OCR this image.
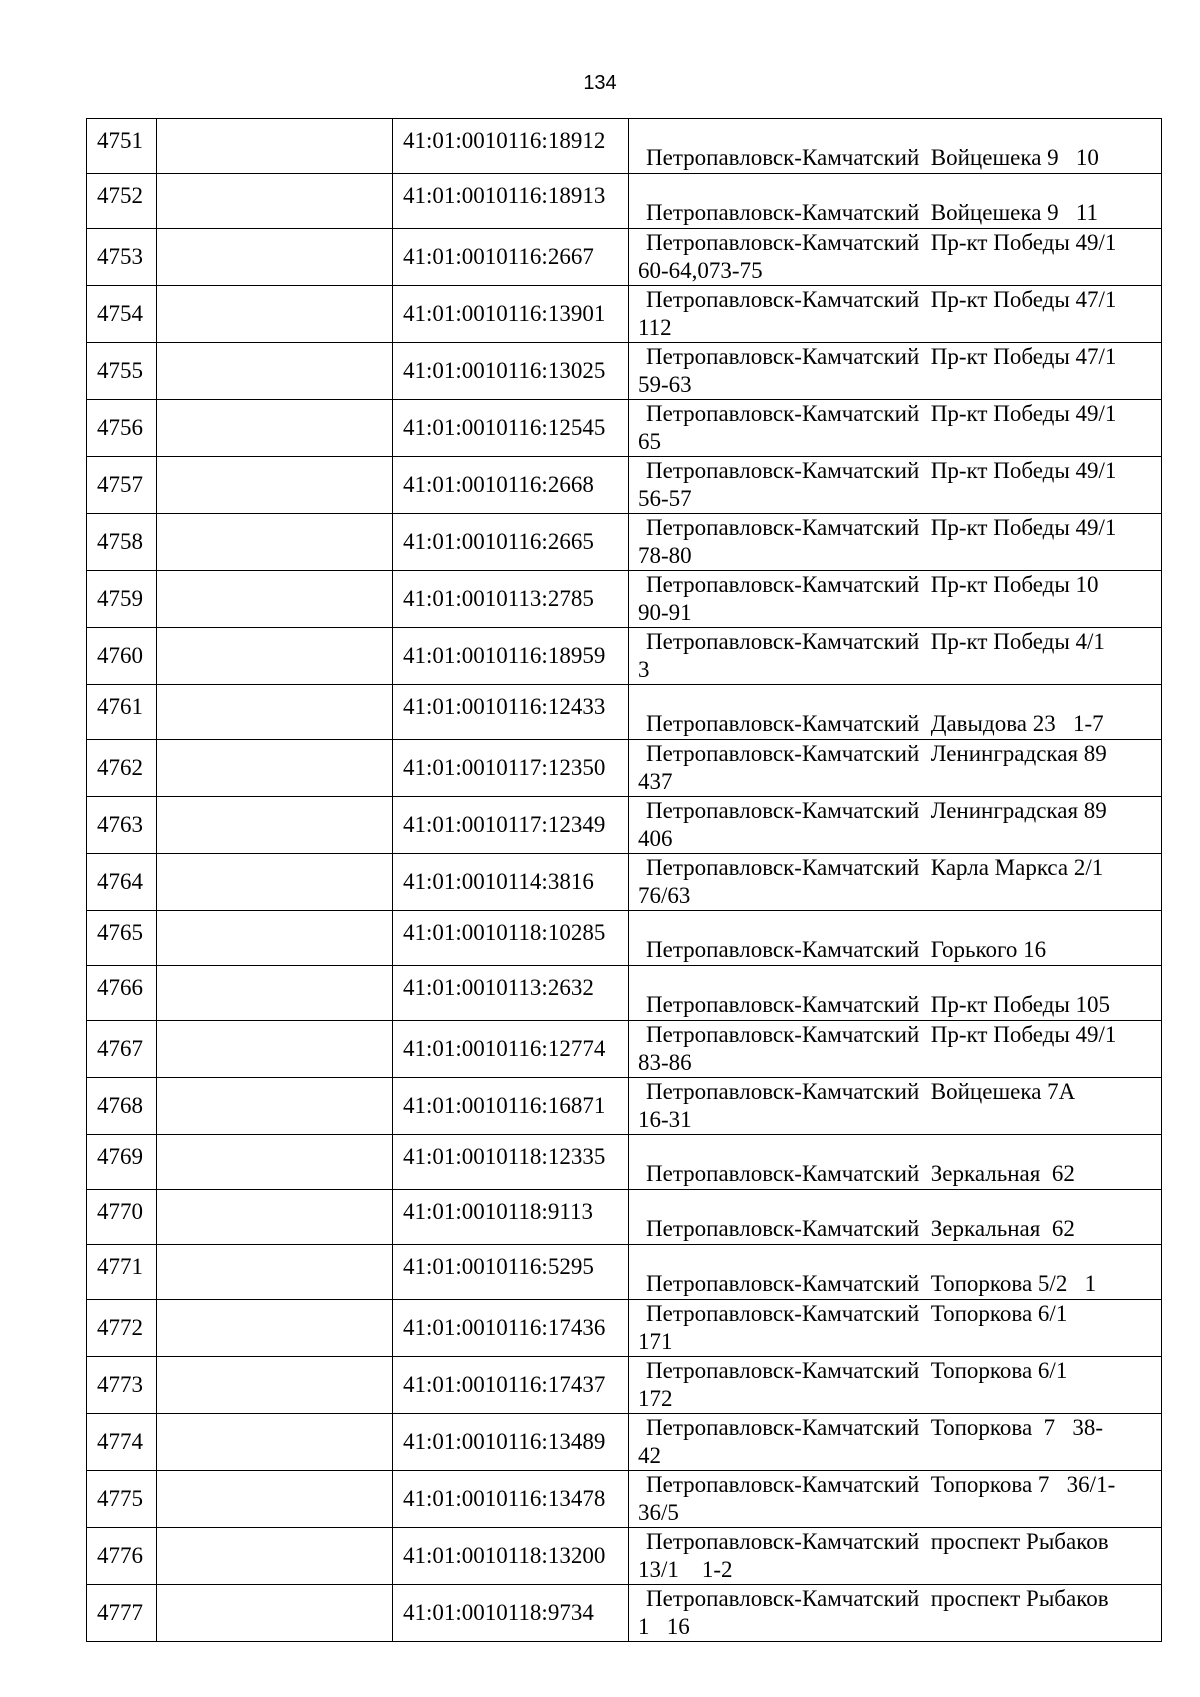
134
4751		41:01:0010116:18912	Петропавловск-Камчатский  Войцешека 9   10

4752		41:01:0010116:18913	Петропавловск-Камчатский  Войцешека 9   11

4753		41:01:0010116:2667	Петропавловск-Камчатский  Пр-кт Победы 49/1
60-64,073-75

4754		41:01:0010116:13901	Петропавловск-Камчатский  Пр-кт Победы 47/1
112

4755		41:01:0010116:13025	Петропавловск-Камчатский  Пр-кт Победы 47/1
59-63

4756		41:01:0010116:12545	Петропавловск-Камчатский  Пр-кт Победы 49/1
65

4757		41:01:0010116:2668	Петропавловск-Камчатский  Пр-кт Победы 49/1
56-57

4758		41:01:0010116:2665	Петропавловск-Камчатский  Пр-кт Победы 49/1
78-80

4759		41:01:0010113:2785	Петропавловск-Камчатский  Пр-кт Победы 10
90-91

4760		41:01:0010116:18959	Петропавловск-Камчатский  Пр-кт Победы 4/1
3

4761		41:01:0010116:12433	Петропавловск-Камчатский  Давыдова 23   1-7

4762		41:01:0010117:12350	Петропавловск-Камчатский  Ленинградская 89
437

4763		41:01:0010117:12349	Петропавловск-Камчатский  Ленинградская 89
406

4764		41:01:0010114:3816	Петропавловск-Камчатский  Карла Маркса 2/1
76/63

4765		41:01:0010118:10285	Петропавловск-Камчатский  Горького 16

4766		41:01:0010113:2632	Петропавловск-Камчатский  Пр-кт Победы 105

4767		41:01:0010116:12774	Петропавловск-Камчатский  Пр-кт Победы 49/1
83-86

4768		41:01:0010116:16871	Петропавловск-Камчатский  Войцешека 7А
16-31

4769		41:01:0010118:12335	Петропавловск-Камчатский  Зеркальная  62

4770		41:01:0010118:9113	Петропавловск-Камчатский  Зеркальная  62

4771		41:01:0010116:5295	Петропавловск-Камчатский  Топоркова 5/2   1

4772		41:01:0010116:17436	Петропавловск-Камчатский  Топоркова 6/1
171

4773		41:01:0010116:17437	Петропавловск-Камчатский  Топоркова 6/1
172

4774		41:01:0010116:13489	Петропавловск-Камчатский  Топоркова  7   38-
42

4775		41:01:0010116:13478	Петропавловск-Камчатский  Топоркова 7   36/1-
36/5

4776		41:01:0010118:13200	Петропавловск-Камчатский  проспект Рыбаков
13/1    1-2

4777		41:01:0010118:9734	Петропавловск-Камчатский  проспект Рыбаков
1   16
